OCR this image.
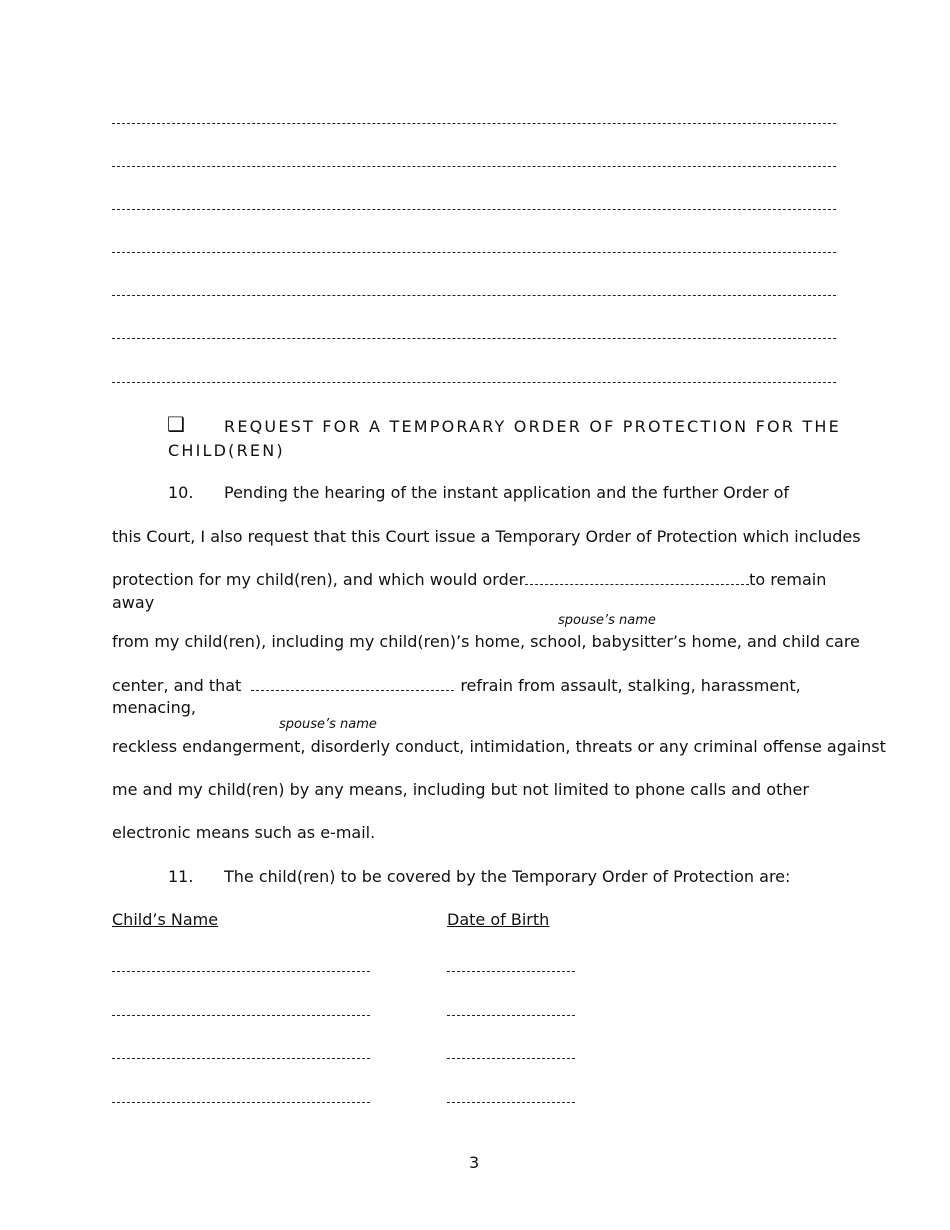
❑	REQUEST FOR A TEMPORARY ORDER OF PROTECTION FOR THE
CHILD(REN)
10. Pending the hearing of the instant application and the further Order of
this Court, I also request that this Court issue a Temporary Order of Protection which includes
protection for my child(ren), and which would order	to remain
away
spouse’s name
from my child(ren), including my child(ren)’s home, school, babysitter’s home, and child care
center, and that	refrain from assault, stalking, harassment,
menacing,
spouse’s name
reckless endangerment, disorderly conduct, intimidation, threats or any criminal offense against
me and my child(ren) by any means, including but not limited to phone calls and other
electronic means such as e-mail.
11. The child(ren) to be covered by the Temporary Order of Protection are:
Child’s Name	Date of Birth
3
